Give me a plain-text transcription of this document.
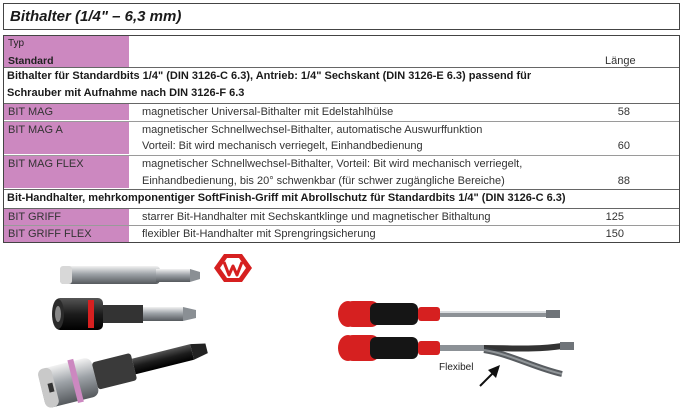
Bithalter (1/4" – 6,3 mm)
Typ
Standard	Länge
Bithalter für Standardbits 1/4" (DIN 3126-C 6.3), Antrieb: 1/4" Sechskant (DIN 3126-E 6.3) passend für
Schrauber mit Aufnahme nach DIN 3126-F 6.3
BIT MAG	magnetischer Universal-Bithalter mit Edelstahlhülse	58
BIT MAG A	magnetischer Schnellwechsel-Bithalter, automatische Auswurffunktion
Vorteil: Bit wird mechanisch verriegelt, Einhandbedienung	60
BIT MAG FLEX	magnetischer Schnellwechsel-Bithalter, Vorteil: Bit wird mechanisch verriegelt,
Einhandbedienung, bis 20° schwenkbar (für schwer zugängliche Bereiche)	88
Bit-Handhalter, mehrkomponentiger SoftFinish-Griff mit Abrollschutz für Standardbits 1/4" (DIN 3126-C 6.3)
BIT GRIFF	starrer Bit-Handhalter mit Sechskantklinge und magnetischer Bithaltung	125
BIT GRIFF FLEX	flexibler Bit-Handhalter mit Sprengringsicherung	150
Flexibel
